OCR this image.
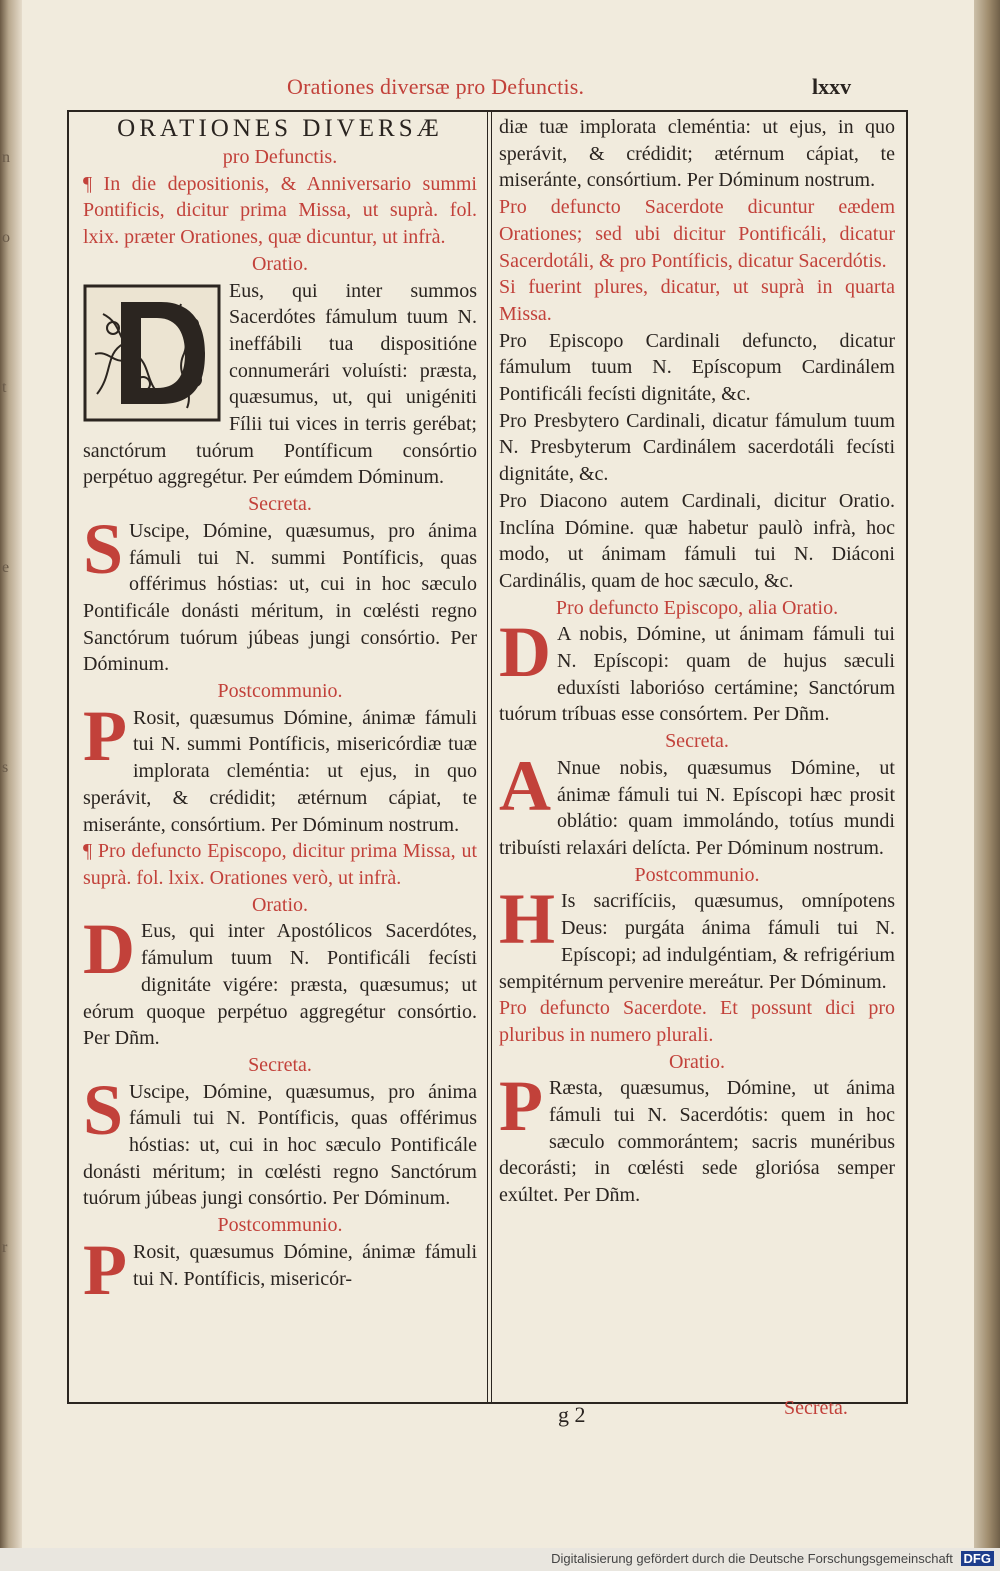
n
o
t
e
s
r
Orationes diversæ pro Defunctis.	lxxv

ORATIONES DIVERSÆ

pro Defunctis.

¶ In die depositionis, & Anniversario summi Pontificis, dicitur prima Missa, ut suprà. fol. lxix. præter Orationes, quæ dicuntur, ut infrà.

Oratio.

Eus, qui inter summos Sacerdótes fámulum tuum N. ineffábili tua dispositióne connumerári voluísti: præsta, quæsumus, ut, qui unigéniti Fílii tui vices in terris gerébat; sanctórum tuórum Pontíficum consórtio perpétuo aggregétur. Per eúmdem Dóminum.

Secreta.

S Uscipe, Dómine, quæsumus, pro ánima fámuli tui N. summi Pontíficis, quas offérimus hóstias: ut, cui in hoc sæculo Pontificále donásti méritum, in cœlésti regno Sanctórum tuórum júbeas jungi consórtio. Per Dóminum.

Postcommunio.

P Rosit, quæsumus Dómine, ánimæ fámuli tui N. summi Pontíficis, misericórdiæ tuæ implorata cleméntia: ut ejus, in quo sperávit, & crédidit; ætérnum cápiat, te miseránte, consórtium. Per Dóminum nostrum.

¶ Pro defuncto Episcopo, dicitur prima Missa, ut suprà. fol. lxix. Orationes verò, ut infrà.

Oratio.

D Eus, qui inter Apostólicos Sacerdótes, fámulum tuum N. Pontificáli fecísti dignitáte vigére: præsta, quæsumus; ut eórum quoque perpétuo aggregétur consórtio. Per Dñm.

Secreta.

S Uscipe, Dómine, quæsumus, pro ánima fámuli tui N. Pontíficis, quas offérimus hóstias: ut, cui in hoc sæculo Pontificále donásti méritum; in cœlésti regno Sanctórum tuórum júbeas jungi consórtio. Per Dóminum.

Postcommunio.

P Rosit, quæsumus Dómine, ánimæ fámuli tui N. Pontíficis, misericór-

diæ tuæ implorata cleméntia: ut ejus, in quo sperávit, & crédidit; ætérnum cápiat, te miseránte, consórtium. Per Dóminum nostrum.

Pro defuncto Sacerdote dicuntur eædem Orationes; sed ubi dicitur Pontificáli, dicatur Sacerdotáli, & pro Pontíficis, dicatur Sacerdótis.

Si fuerint plures, dicatur, ut suprà in quarta Missa.

Pro Episcopo Cardinali defuncto, dicatur fámulum tuum N. Epíscopum Cardinálem Pontificáli fecísti dignitáte, &c.

Pro Presbytero Cardinali, dicatur fámulum tuum N. Presbyterum Cardinálem sacerdotáli fecísti dignitáte, &c.

Pro Diacono autem Cardinali, dicitur Oratio. Inclína Dómine. quæ habetur paulò infrà, hoc modo, ut ánimam fámuli tui N. Diáconi Cardinális, quam de hoc sæculo, &c.

Pro defuncto Episcopo, alia Oratio.

D A nobis, Dómine, ut ánimam fámuli tui N. Epíscopi: quam de hujus sæculi eduxísti laborióso certámine; Sanctórum tuórum tríbuas esse consórtem. Per Dñm.

Secreta.

A Nnue nobis, quæsumus Dómine, ut ánimæ fámuli tui N. Epíscopi hæc prosit oblátio: quam immolándo, totíus mundi tribuísti relaxári delícta. Per Dóminum nostrum.

Postcommunio.

H Is sacrifíciis, quæsumus, omnípotens Deus: purgáta ánima fámuli tui N. Epíscopi; ad indulgéntiam, & refrigérium sempitérnum pervenire mereátur. Per Dóminum.

Pro defuncto Sacerdote. Et possunt dici pro pluribus in numero plurali.

Oratio.

P Ræsta, quæsumus, Dómine, ut ánima fámuli tui N. Sacerdótis: quem in hoc sæculo commorántem; sacris munéribus decorásti; in cœlésti sede gloriósa semper exúltet. Per Dñm.

g 2	Secreta.
Digitalisierung gefördert durch die Deutsche Forschungsgemeinschaft DFG
